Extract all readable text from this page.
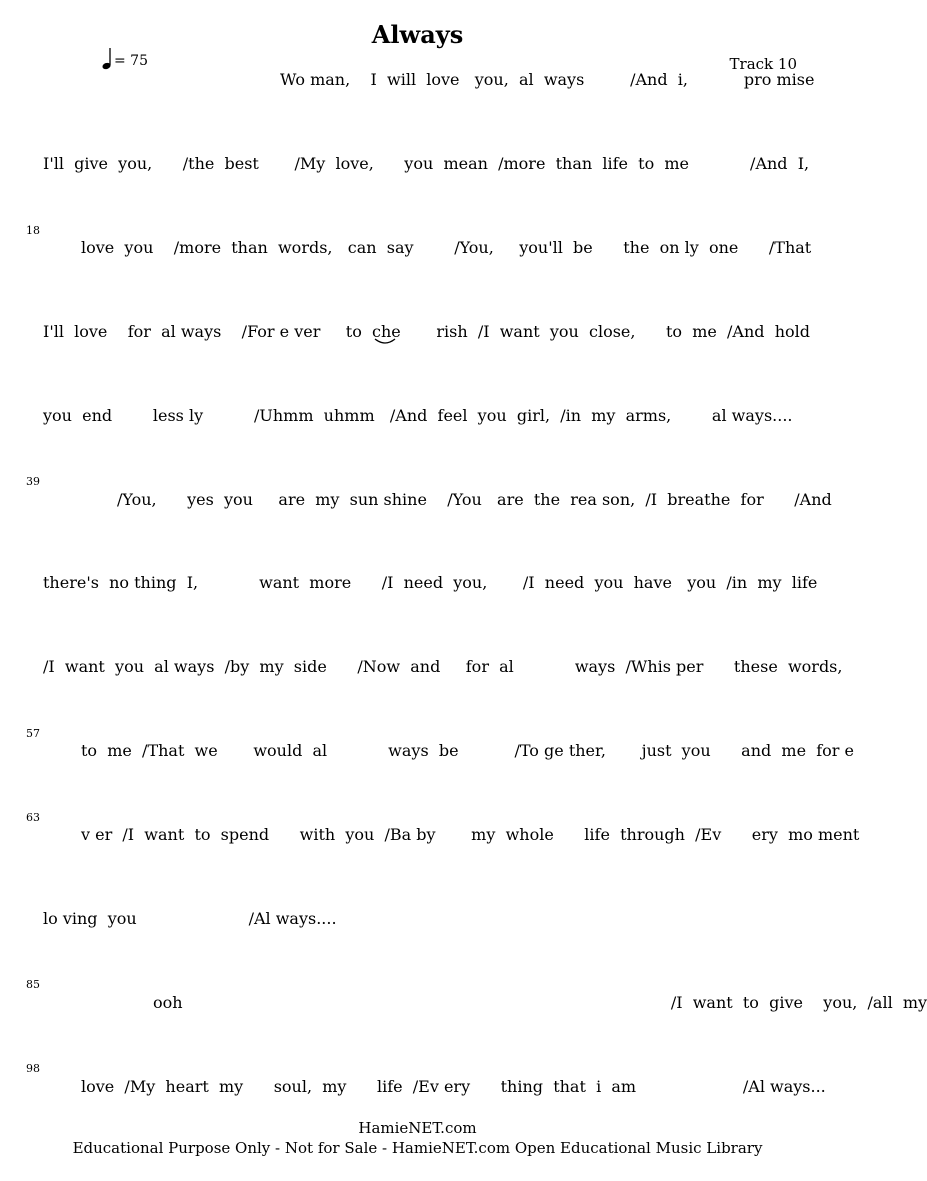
Always
= 75	Track 10
18
39
57
63
85
98
Wo man,    I  will  love   you,  al  ways         /And  i,           pro mise
I'll  give  you,      /the  best       /My  love,      you  mean  /more  than  life  to  me            /And  I,
love  you    /more  than  words,   can  say        /You,     you'll  be      the  on ly  one      /That
I'll  love    for  al ways    /For e ver     to  che       rish  /I  want  you  close,      to  me  /And  hold
you  end        less ly          /Uhmm  uhmm   /And  feel  you  girl,  /in  my  arms,        al ways....
/You,      yes  you     are  my  sun shine    /You   are  the  rea son,  /I  breathe  for      /And
there's  no thing  I,            want  more      /I  need  you,       /I  need  you  have   you  /in  my  life
/I  want  you  al ways  /by  my  side      /Now  and     for  al            ways  /Whis per      these  words,
to  me  /That  we       would  al            ways  be           /To ge ther,       just  you      and  me  for e
v er  /I  want  to  spend      with  you  /Ba by       my  whole      life  through  /Ev      ery  mo ment
lo ving  you                      /Al ways....
ooh                                                                                                /I  want  to  give    you,  /all  my
love  /My  heart  my      soul,  my      life  /Ev ery      thing  that  i  am                     /Al ways...
HamieNET.com
Educational Purpose Only - Not for Sale - HamieNET.com Open Educational Music Library
